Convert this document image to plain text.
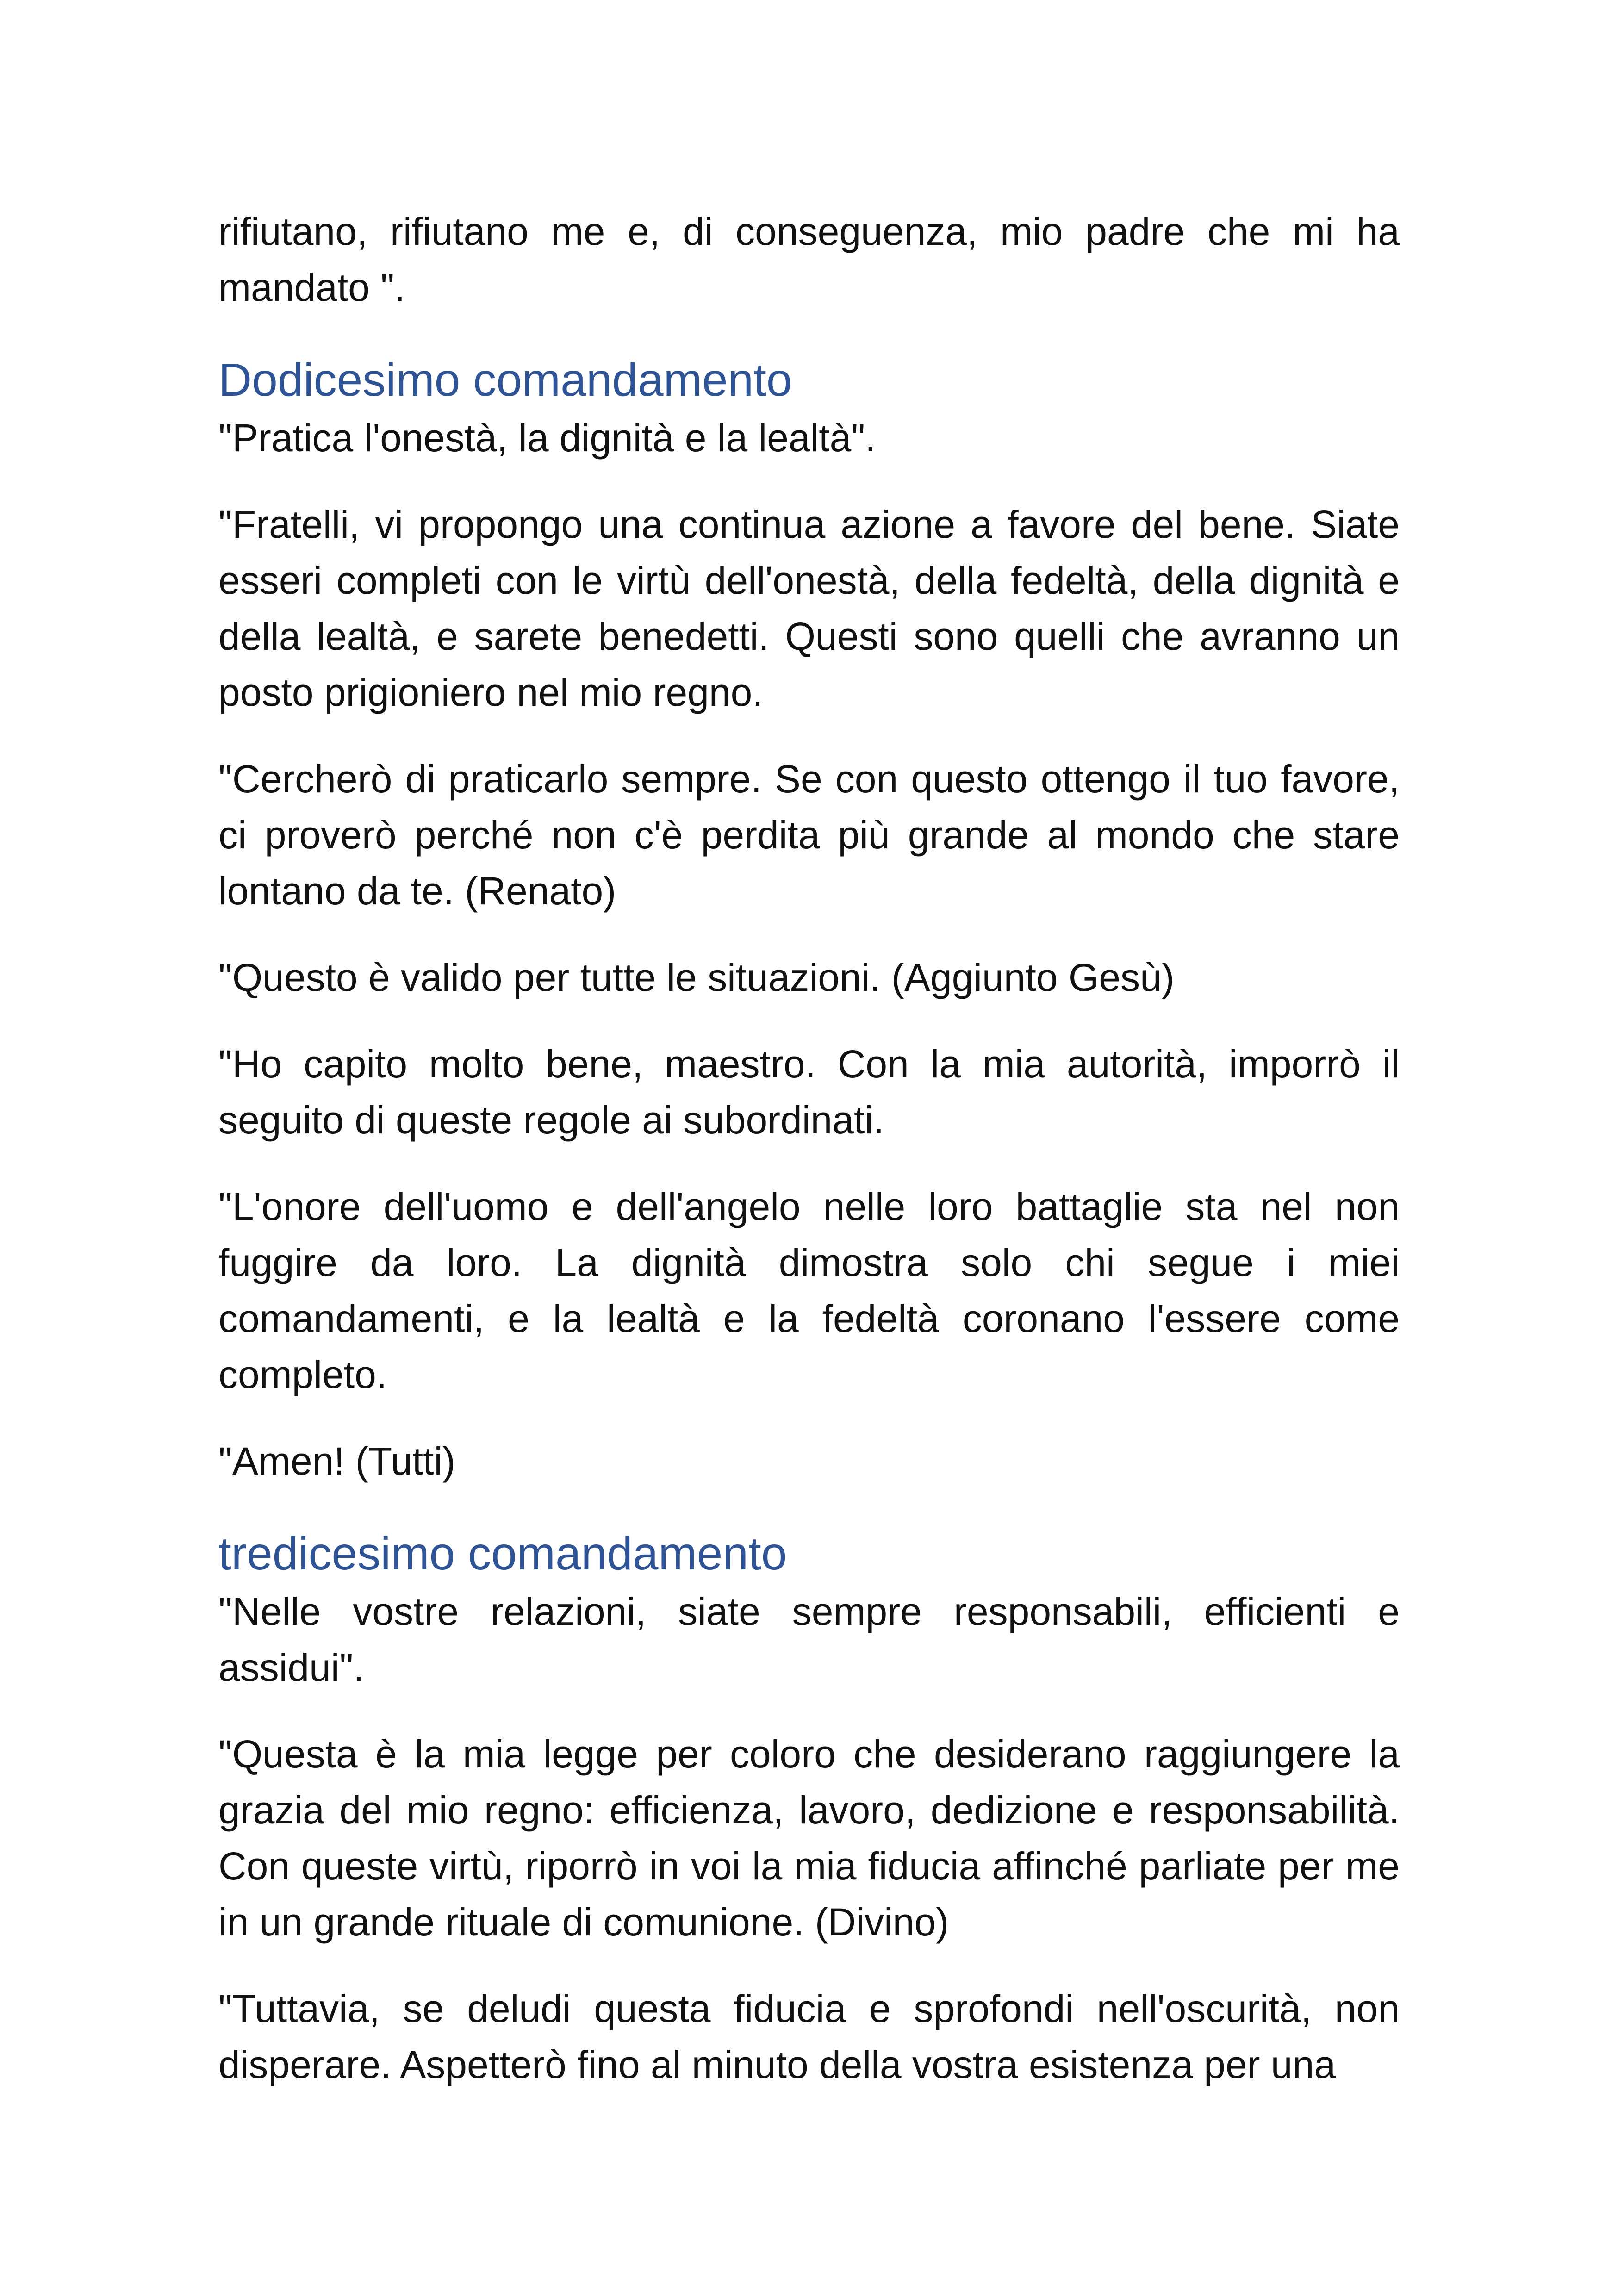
rifiutano, rifiutano me e, di conseguenza, mio padre che mi ha mandato ".

Dodicesimo comandamento

"Pratica l'onestà, la dignità e la lealtà".

"Fratelli, vi propongo una continua azione a favore del bene. Siate esseri completi con le virtù dell'onestà, della fedeltà, della dignità e della lealtà, e sarete benedetti. Questi sono quelli che avranno un posto prigioniero nel mio regno.

"Cercherò di praticarlo sempre. Se con questo ottengo il tuo favore, ci proverò perché non c'è perdita più grande al mondo che stare lontano da te. (Renato)

"Questo è valido per tutte le situazioni. (Aggiunto Gesù)

"Ho capito molto bene, maestro. Con la mia autorità, imporrò il seguito di queste regole ai subordinati.

"L'onore dell'uomo e dell'angelo nelle loro battaglie sta nel non fuggire da loro. La dignità dimostra solo chi segue i miei comandamenti, e la lealtà e la fedeltà coronano l'essere come completo.

"Amen! (Tutti)

tredicesimo comandamento

"Nelle vostre relazioni, siate sempre responsabili, efficienti e assidui".

"Questa è la mia legge per coloro che desiderano raggiungere la grazia del mio regno: efficienza, lavoro, dedizione e responsabilità. Con queste virtù, riporrò in voi la mia fiducia affinché parliate per me in un grande rituale di comunione. (Divino)

"Tuttavia, se deludi questa fiducia e sprofondi nell'oscurità, non disperare. Aspetterò fino al minuto della vostra esistenza per una
